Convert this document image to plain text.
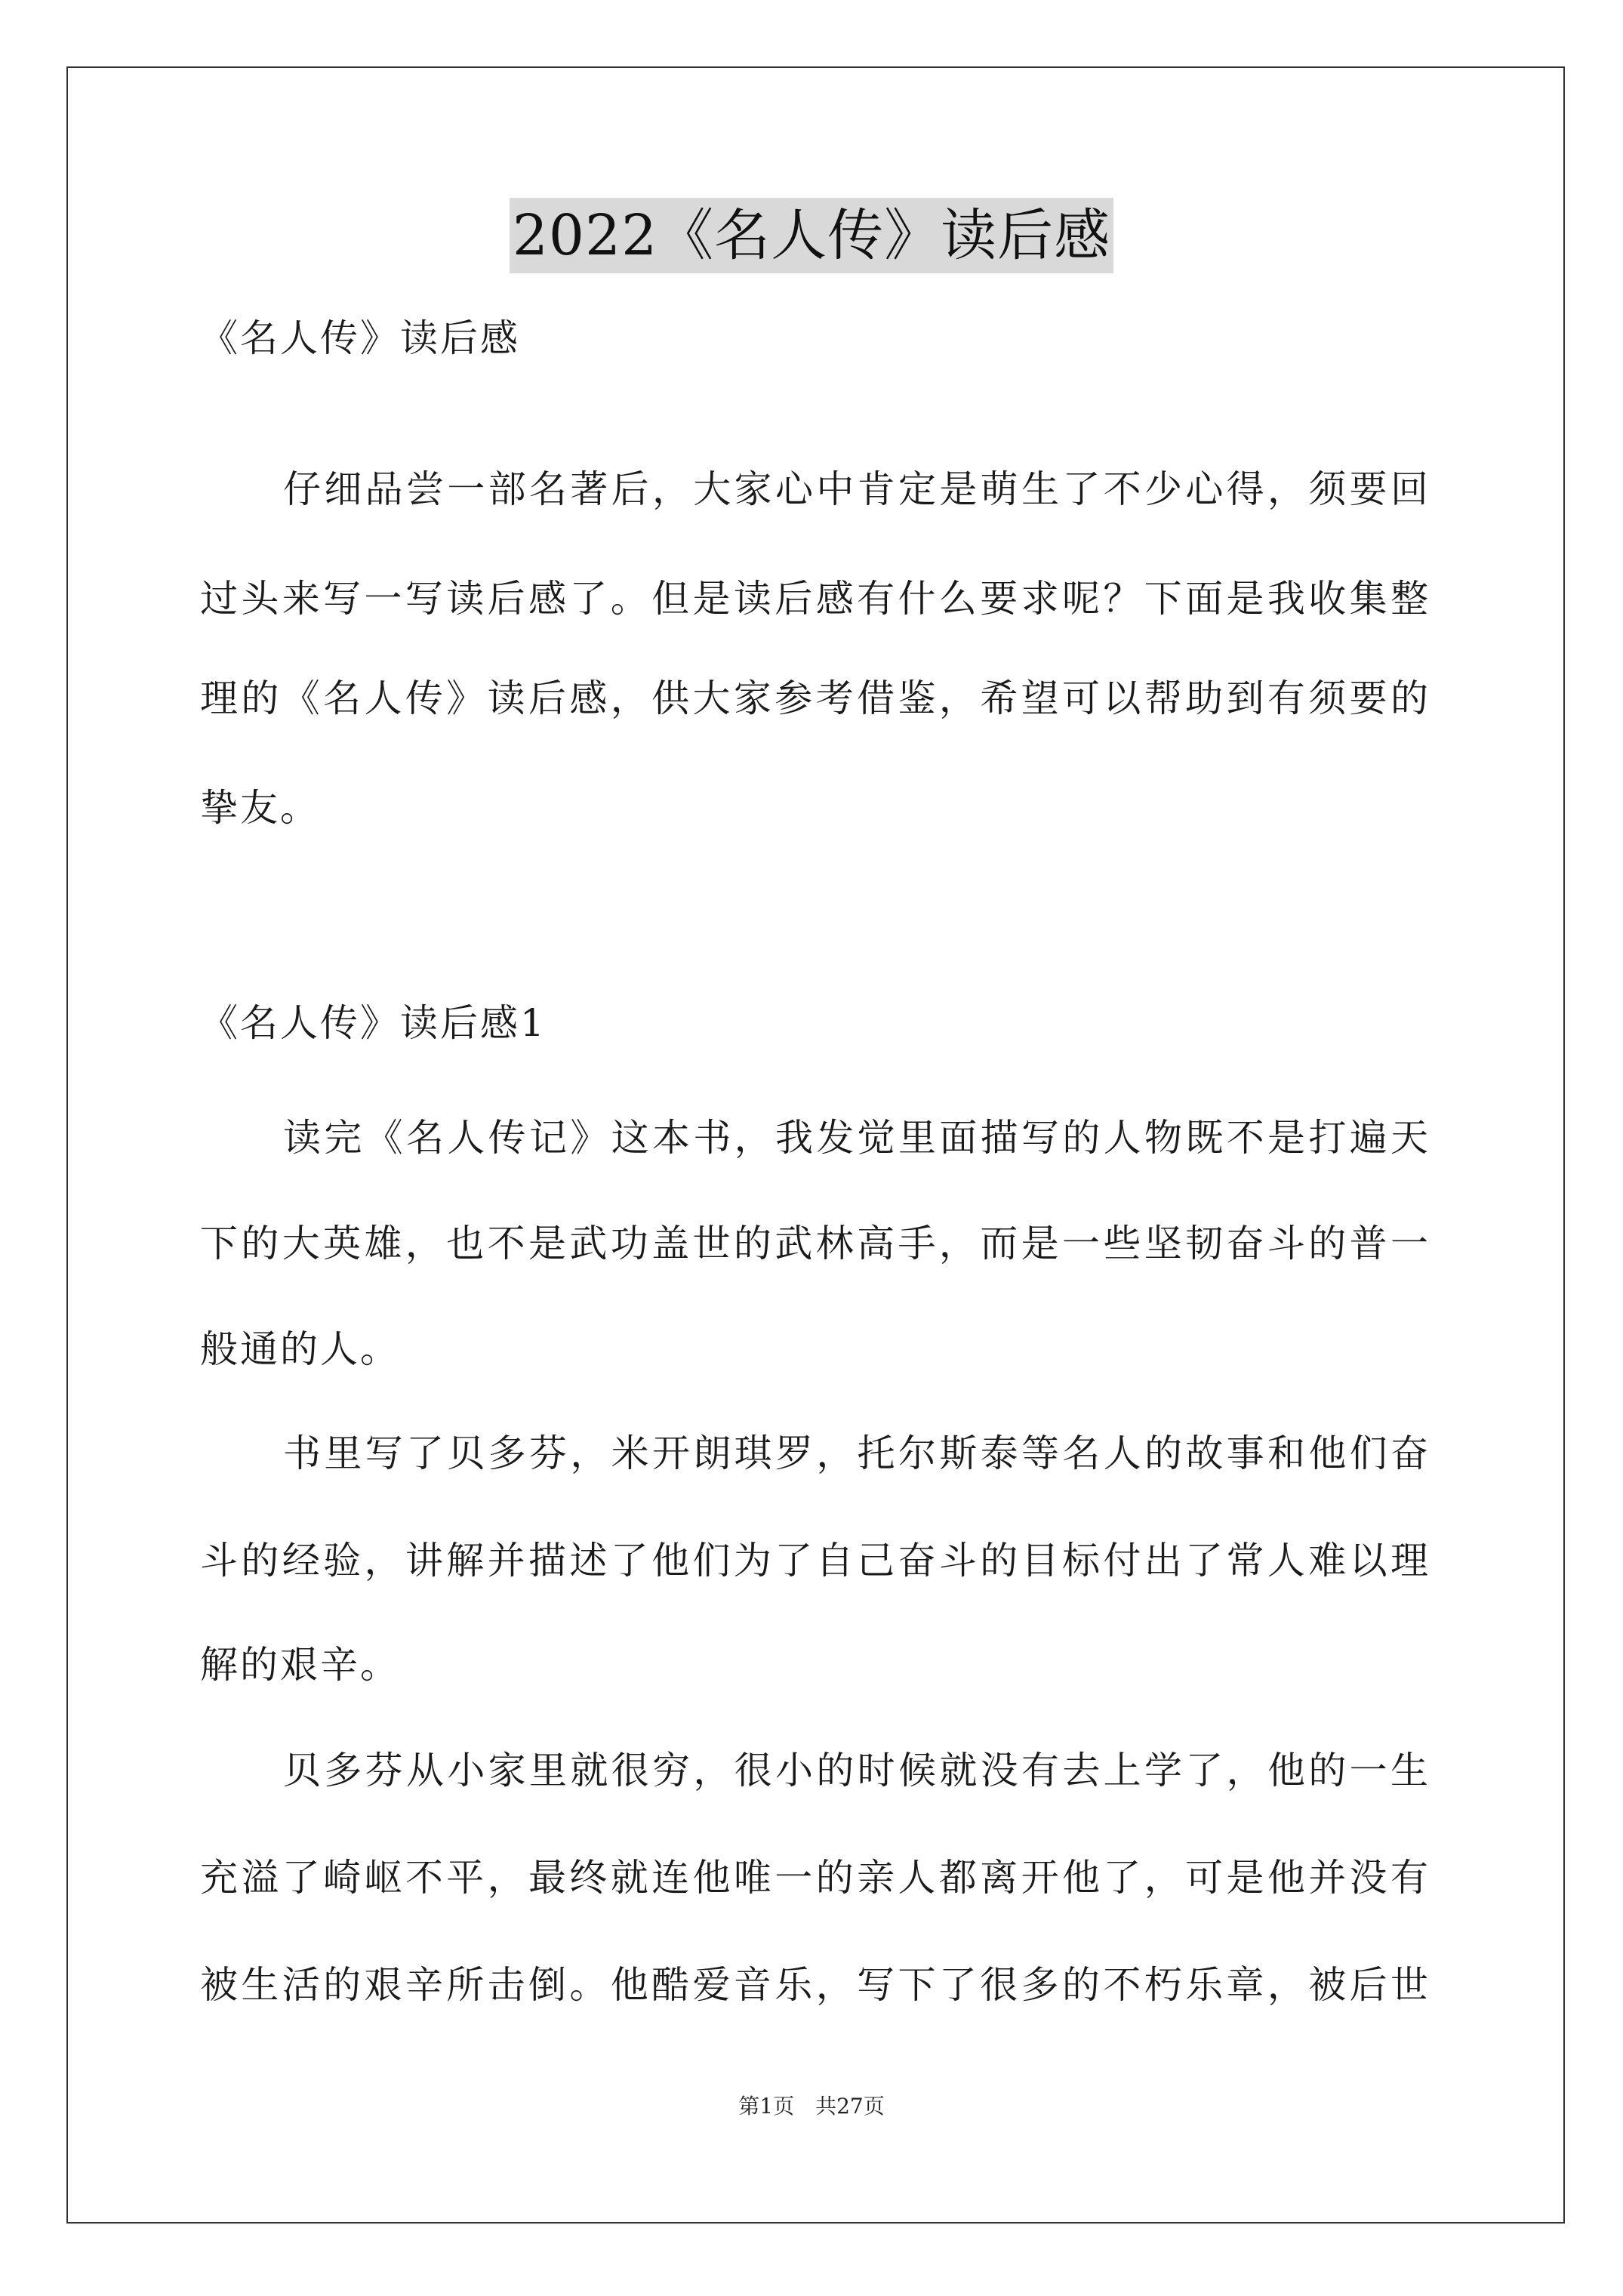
2022《名人传》读后感
《名人传》读后感
仔细品尝一部名著后，大家心中肯定是萌生了不少心得，须要回
过头来写一写读后感了。但是读后感有什么要求呢？下面是我收集整
理的《名人传》读后感，供大家参考借鉴，希望可以帮助到有须要的
挚友。
《名人传》读后感1
读完《名人传记》这本书，我发觉里面描写的人物既不是打遍天
下的大英雄，也不是武功盖世的武林高手，而是一些坚韧奋斗的普一
般通的人。
书里写了贝多芬，米开朗琪罗，托尔斯泰等名人的故事和他们奋
斗的经验，讲解并描述了他们为了自己奋斗的目标付出了常人难以理
解的艰辛。
贝多芬从小家里就很穷，很小的时候就没有去上学了，他的一生
充溢了崎岖不平，最终就连他唯一的亲人都离开他了，可是他并没有
被生活的艰辛所击倒。他酷爱音乐，写下了很多的不朽乐章，被后世
第1页　共27页
